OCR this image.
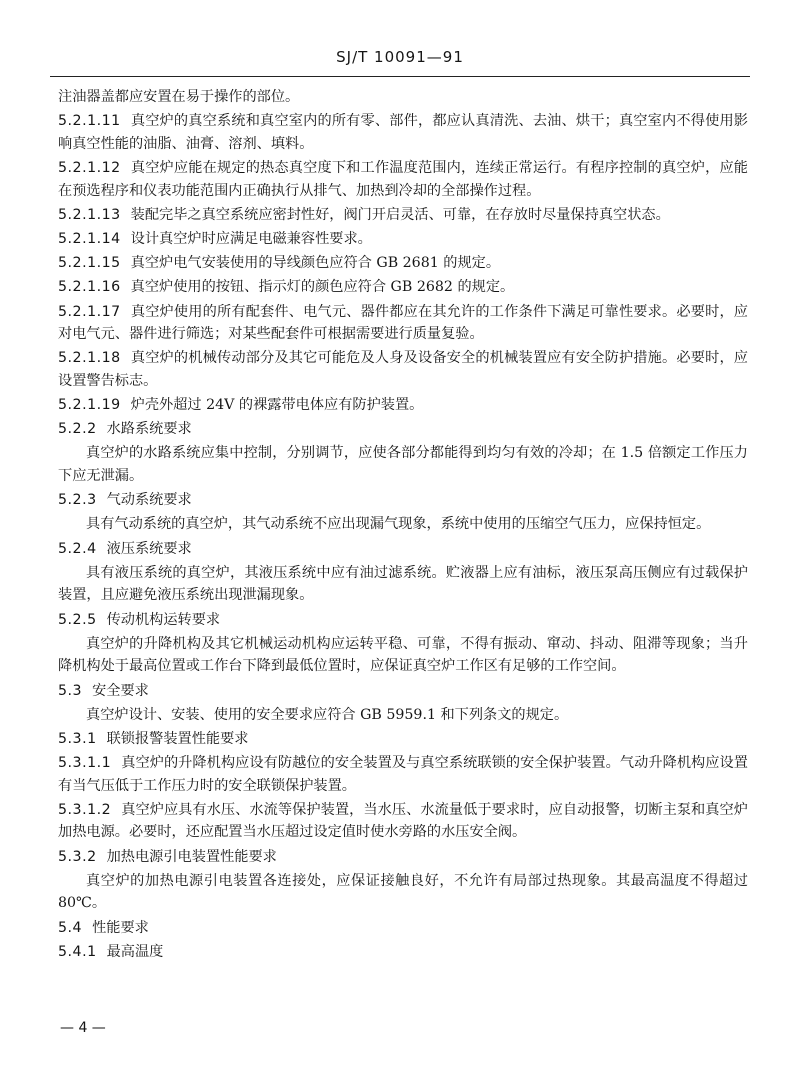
SJ/T 10091—91

注油器盖都应安置在易于操作的部位。

5.2.1.11 真空炉的真空系统和真空室内的所有零、部件，都应认真清洗、去油、烘干；真空室内不得使用影响真空性能的油脂、油膏、溶剂、填料。

5.2.1.12 真空炉应能在规定的热态真空度下和工作温度范围内，连续正常运行。有程序控制的真空炉，应能在预选程序和仪表功能范围内正确执行从排气、加热到冷却的全部操作过程。

5.2.1.13 装配完毕之真空系统应密封性好，阀门开启灵活、可靠，在存放时尽量保持真空状态。

5.2.1.14 设计真空炉时应满足电磁兼容性要求。

5.2.1.15 真空炉电气安装使用的导线颜色应符合 GB 2681 的规定。

5.2.1.16 真空炉使用的按钮、指示灯的颜色应符合 GB 2682 的规定。

5.2.1.17 真空炉使用的所有配套件、电气元、器件都应在其允许的工作条件下满足可靠性要求。必要时，应对电气元、器件进行筛选；对某些配套件可根据需要进行质量复验。

5.2.1.18 真空炉的机械传动部分及其它可能危及人身及设备安全的机械装置应有安全防护措施。必要时，应设置警告标志。

5.2.1.19 炉壳外超过 24V 的裸露带电体应有防护装置。

5.2.2 水路系统要求

真空炉的水路系统应集中控制，分别调节，应使各部分都能得到均匀有效的冷却；在 1.5 倍额定工作压力下应无泄漏。

5.2.3 气动系统要求

具有气动系统的真空炉，其气动系统不应出现漏气现象，系统中使用的压缩空气压力，应保持恒定。

5.2.4 液压系统要求

具有液压系统的真空炉，其液压系统中应有油过滤系统。贮液器上应有油标，液压泵高压侧应有过载保护装置，且应避免液压系统出现泄漏现象。

5.2.5 传动机构运转要求

真空炉的升降机构及其它机械运动机构应运转平稳、可靠，不得有振动、窜动、抖动、阻滞等现象；当升降机构处于最高位置或工作台下降到最低位置时，应保证真空炉工作区有足够的工作空间。

5.3 安全要求

真空炉设计、安装、使用的安全要求应符合 GB 5959.1 和下列条文的规定。

5.3.1 联锁报警装置性能要求

5.3.1.1 真空炉的升降机构应设有防越位的安全装置及与真空系统联锁的安全保护装置。气动升降机构应设置有当气压低于工作压力时的安全联锁保护装置。

5.3.1.2 真空炉应具有水压、水流等保护装置，当水压、水流量低于要求时，应自动报警，切断主泵和真空炉加热电源。必要时，还应配置当水压超过设定值时使水旁路的水压安全阀。

5.3.2 加热电源引电装置性能要求

真空炉的加热电源引电装置各连接处，应保证接触良好，不允许有局部过热现象。其最高温度不得超过 80℃。

5.4 性能要求

5.4.1 最高温度

— 4 —
